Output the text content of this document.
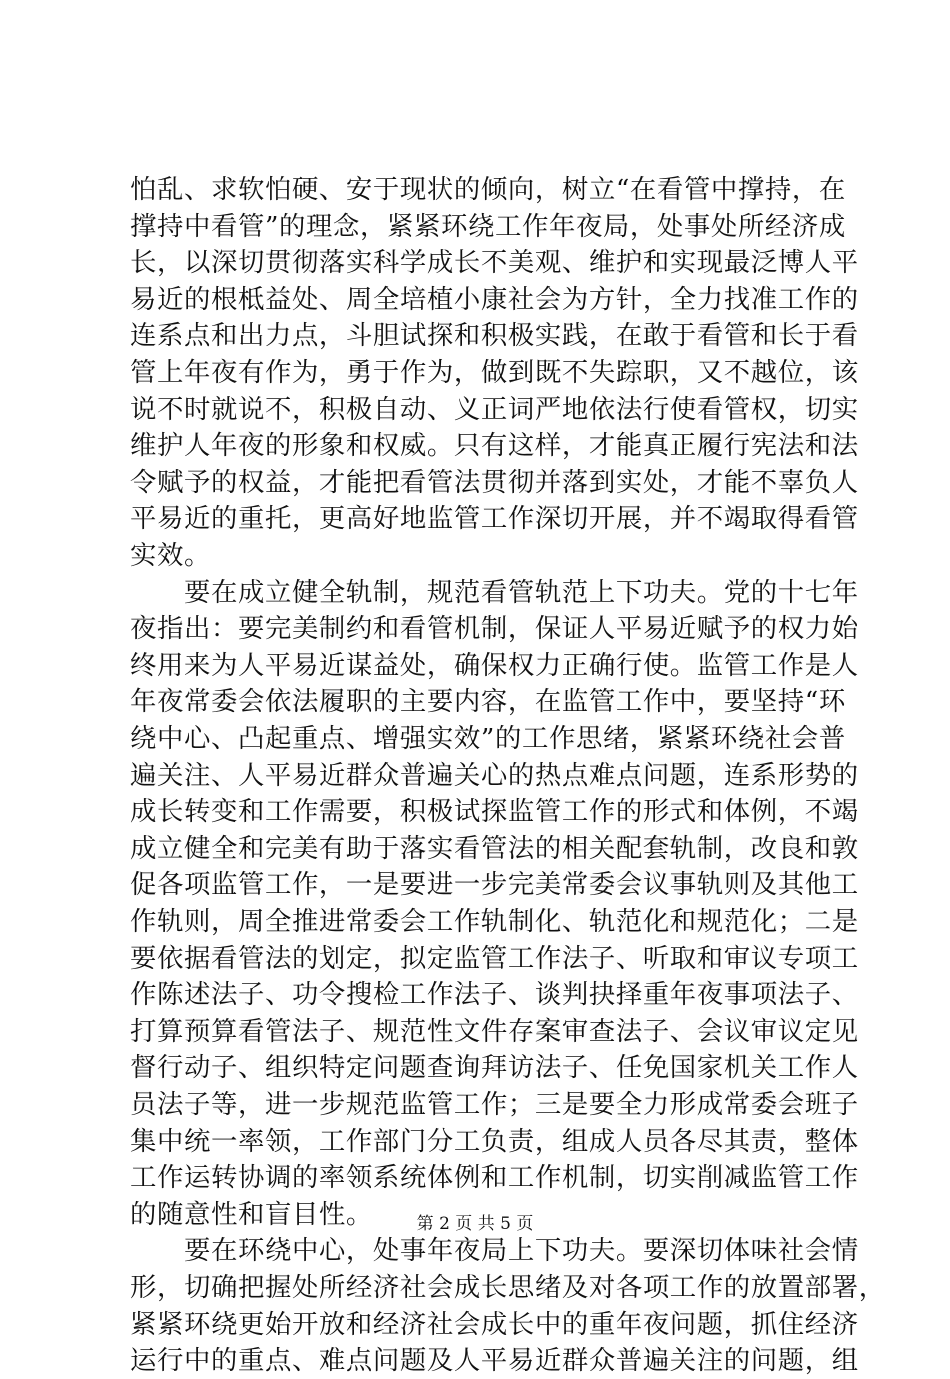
怕乱、求软怕硬、安于现状的倾向，树立“在看管中撑持，在
撑持中看管”的理念，紧紧环绕工作年夜局，处事处所经济成
长，以深切贯彻落实科学成长不美观、维护和实现最泛博人平
易近的根柢益处、周全培植小康社会为方针，全力找准工作的
连系点和出力点，斗胆试探和积极实践，在敢于看管和长于看
管上年夜有作为，勇于作为，做到既不失踪职，又不越位，该
说不时就说不，积极自动、义正词严地依法行使看管权，切实
维护人年夜的形象和权威。只有这样，才能真正履行宪法和法
令赋予的权益，才能把看管法贯彻并落到实处，才能不辜负人
平易近的重托，更高好地监管工作深切开展，并不竭取得看管
实效。
　　要在成立健全轨制，规范看管轨范上下功夫。党的十七年
夜指出：要完美制约和看管机制，保证人平易近赋予的权力始
终用来为人平易近谋益处，确保权力正确行使。监管工作是人
年夜常委会依法履职的主要内容，在监管工作中，要坚持“环
绕中心、凸起重点、增强实效”的工作思绪，紧紧环绕社会普
遍关注、人平易近群众普遍关心的热点难点问题，连系形势的
成长转变和工作需要，积极试探监管工作的形式和体例，不竭
成立健全和完美有助于落实看管法的相关配套轨制，改良和敦
促各项监管工作，一是要进一步完美常委会议事轨则及其他工
作轨则，周全推进常委会工作轨制化、轨范化和规范化；二是
要依据看管法的划定，拟定监管工作法子、听取和审议专项工
作陈述法子、功令搜检工作法子、谈判抉择重年夜事项法子、
打算预算看管法子、规范性文件存案审查法子、会议审议定见
督行动子、组织特定问题查询拜访法子、任免国家机关工作人
员法子等，进一步规范监管工作；三是要全力形成常委会班子
集中统一率领，工作部门分工负责，组成人员各尽其责，整体
工作运转协调的率领系统体例和工作机制，切实削减监管工作
的随意性和盲目性。
　　要在环绕中心，处事年夜局上下功夫。要深切体味社会情
形，切确把握处所经济社会成长思绪及对各项工作的放置部署，
紧紧环绕更始开放和经济社会成长中的重年夜问题，抓住经济
运行中的重点、难点问题及人平易近群众普遍关注的问题，组
第 2 页 共 5 页
